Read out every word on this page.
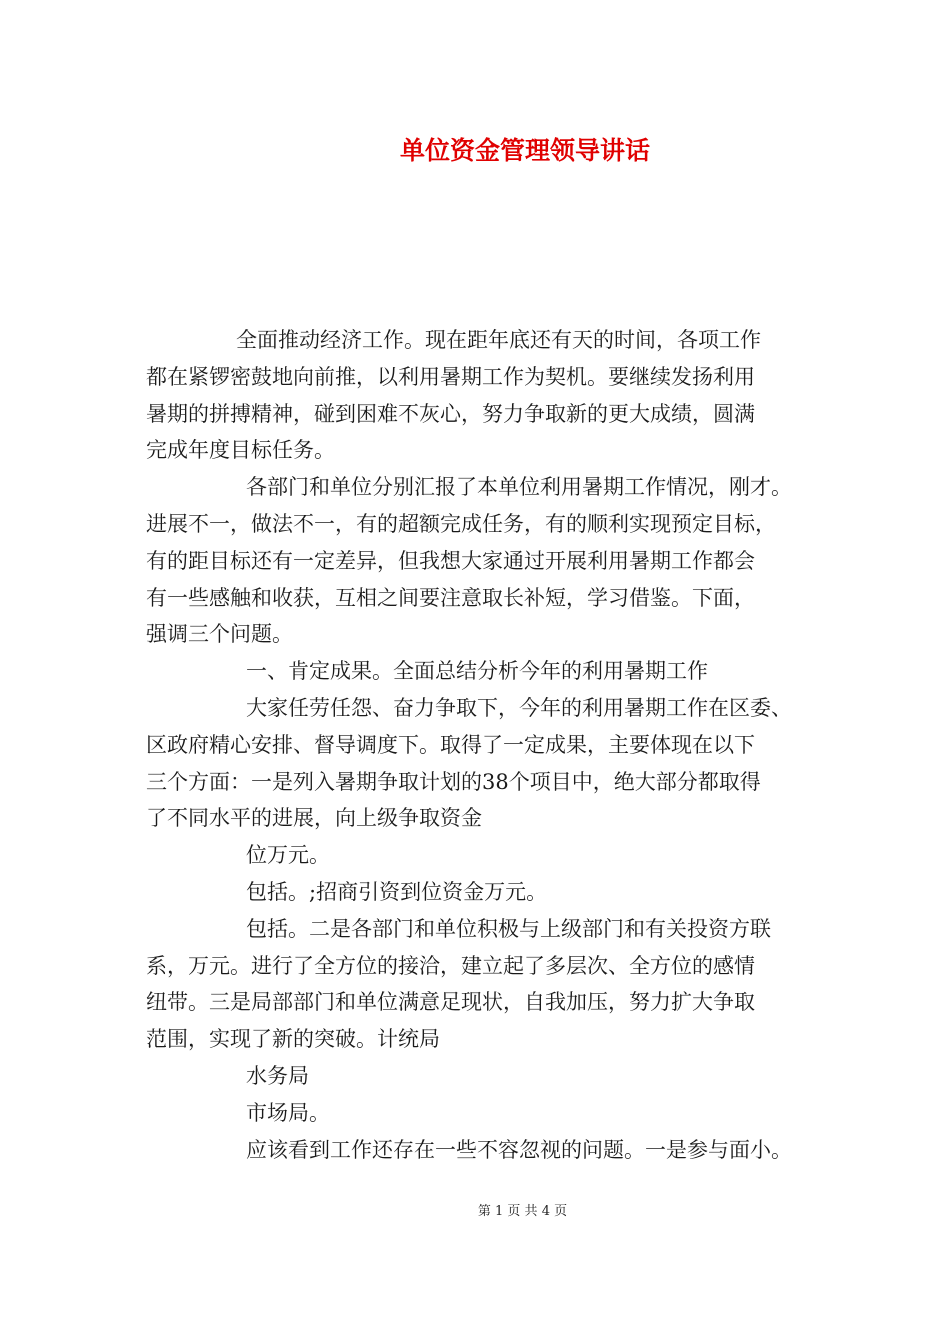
单位资金管理领导讲话

全面推动经济工作。现在距年底还有天的时间，各项工作

都在紧锣密鼓地向前推，以利用暑期工作为契机。要继续发扬利用

暑期的拼搏精神，碰到困难不灰心，努力争取新的更大成绩，圆满

完成年度目标任务。

各部门和单位分别汇报了本单位利用暑期工作情况，刚才。

进展不一，做法不一，有的超额完成任务，有的顺利实现预定目标，

有的距目标还有一定差异，但我想大家通过开展利用暑期工作都会

有一些感触和收获，互相之间要注意取长补短，学习借鉴。下面，

强调三个问题。

一、肯定成果。全面总结分析今年的利用暑期工作

大家任劳任怨、奋力争取下，今年的利用暑期工作在区委、

区政府精心安排、督导调度下。取得了一定成果，主要体现在以下

三个方面：一是列入暑期争取计划的38个项目中，绝大部分都取得

了不同水平的进展，向上级争取资金

位万元。

包括。;招商引资到位资金万元。

包括。二是各部门和单位积极与上级部门和有关投资方联

系，万元。进行了全方位的接洽，建立起了多层次、全方位的感情

纽带。三是局部部门和单位满意足现状，自我加压，努力扩大争取

范围，实现了新的突破。计统局

水务局

市场局。

应该看到工作还存在一些不容忽视的问题。一是参与面小。

第 1 页 共 4 页
